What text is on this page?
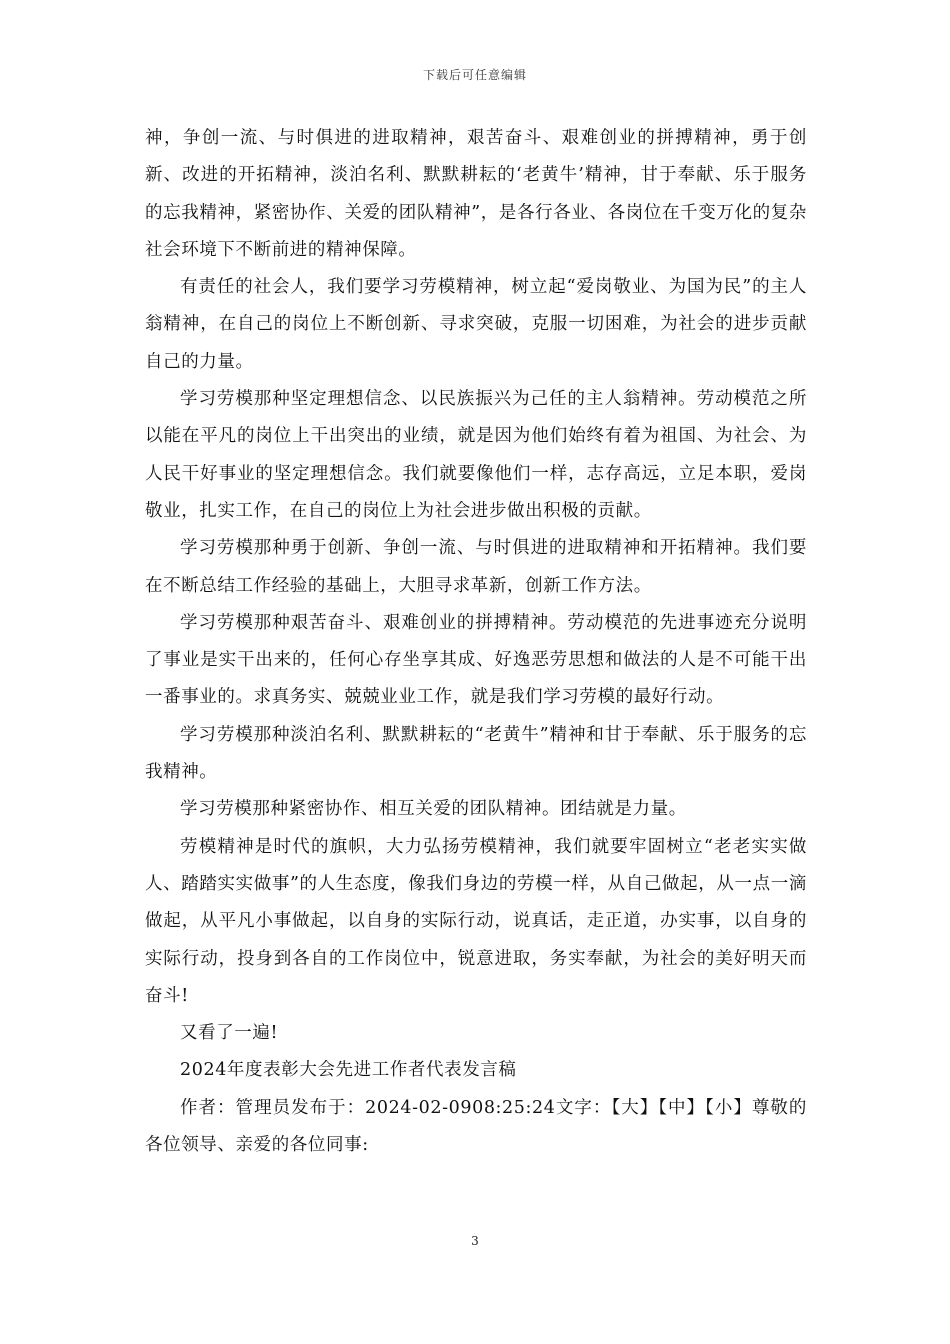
下载后可任意编辑

神，争创一流、与时俱进的进取精神，艰苦奋斗、艰难创业的拼搏精神，勇于创新、改进的开拓精神，淡泊名利、默默耕耘的‘老黄牛’精神，甘于奉献、乐于服务的忘我精神，紧密协作、关爱的团队精神”，是各行各业、各岗位在千变万化的复杂社会环境下不断前进的精神保障。

有责任的社会人，我们要学习劳模精神，树立起“爱岗敬业、为国为民”的主人翁精神，在自己的岗位上不断创新、寻求突破，克服一切困难，为社会的进步贡献自己的力量。

学习劳模那种坚定理想信念、以民族振兴为己任的主人翁精神。劳动模范之所以能在平凡的岗位上干出突出的业绩，就是因为他们始终有着为祖国、为社会、为人民干好事业的坚定理想信念。我们就要像他们一样，志存高远，立足本职，爱岗敬业，扎实工作，在自己的岗位上为社会进步做出积极的贡献。

学习劳模那种勇于创新、争创一流、与时俱进的进取精神和开拓精神。我们要在不断总结工作经验的基础上，大胆寻求革新，创新工作方法。

学习劳模那种艰苦奋斗、艰难创业的拼搏精神。劳动模范的先进事迹充分说明了事业是实干出来的，任何心存坐享其成、好逸恶劳思想和做法的人是不可能干出一番事业的。求真务实、兢兢业业工作，就是我们学习劳模的最好行动。

学习劳模那种淡泊名利、默默耕耘的“老黄牛”精神和甘于奉献、乐于服务的忘我精神。

学习劳模那种紧密协作、相互关爱的团队精神。团结就是力量。

劳模精神是时代的旗帜，大力弘扬劳模精神，我们就要牢固树立“老老实实做人、踏踏实实做事”的人生态度，像我们身边的劳模一样，从自己做起，从一点一滴做起，从平凡小事做起，以自身的实际行动，说真话，走正道，办实事，以自身的实际行动，投身到各自的工作岗位中，锐意进取，务实奉献，为社会的美好明天而奋斗!

又看了一遍!

2024年度表彰大会先进工作者代表发言稿

作者：管理员发布于：2024-02-0908:25:24文字：【大】【中】【小】尊敬的各位领导、亲爱的各位同事:

3
